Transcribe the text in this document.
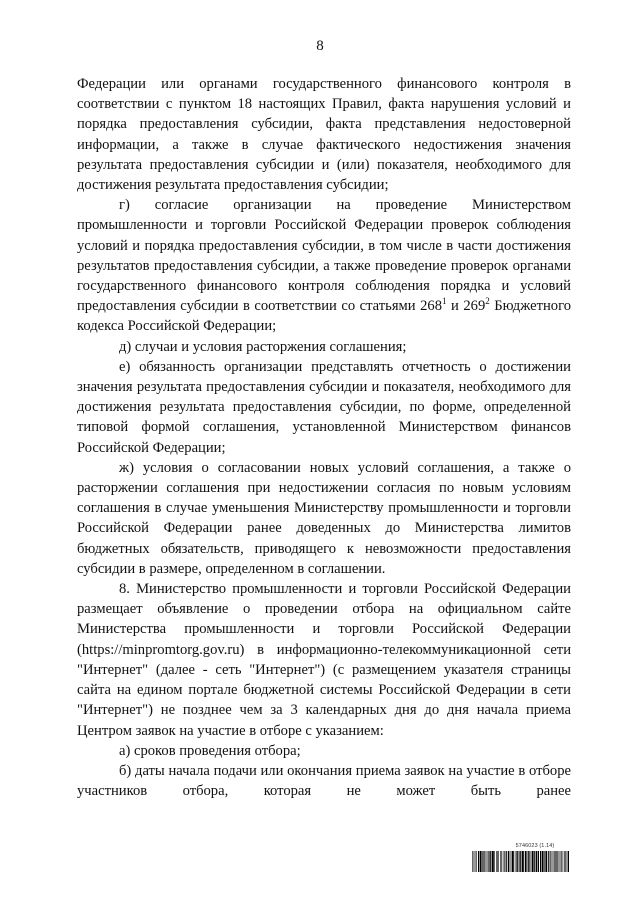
8

Федерации или органами государственного финансового контроля в соответствии с пунктом 18 настоящих Правил, факта нарушения условий и порядка предоставления субсидии, факта представления недостоверной информации, а также в случае фактического недостижения значения результата предоставления субсидии и (или) показателя, необходимого для достижения результата предоставления субсидии;

г) согласие организации на проведение Министерством промышленности и торговли Российской Федерации проверок соблюдения условий и порядка предоставления субсидии, в том числе в части достижения результатов предоставления субсидии, а также проведение проверок органами государственного финансового контроля соблюдения порядка и условий предоставления субсидии в соответствии со статьями $268^1$ и $269^2$ Бюджетного кодекса Российской Федерации;

д) случаи и условия расторжения соглашения;

е) обязанность организации представлять отчетность о достижении значения результата предоставления субсидии и показателя, необходимого для достижения результата предоставления субсидии, по форме, определенной типовой формой соглашения, установленной Министерством финансов Российской Федерации;

ж) условия о согласовании новых условий соглашения, а также о расторжении соглашения при недостижении согласия по новым условиям соглашения в случае уменьшения Министерству промышленности и торговли Российской Федерации ранее доведенных до Министерства лимитов бюджетных обязательств, приводящего к невозможности предоставления субсидии в размере, определенном в соглашении.

8. Министерство промышленности и торговли Российской Федерации размещает объявление о проведении отбора на официальном сайте Министерства промышленности и торговли Российской Федерации (https://minpromtorg.gov.ru) в информационно-телекоммуникационной сети "Интернет" (далее - сеть "Интернет") (с размещением указателя страницы сайта на едином портале бюджетной системы Российской Федерации в сети "Интернет") не позднее чем за 3 календарных дня до дня начала приема Центром заявок на участие в отборе с указанием:

а) сроков проведения отбора;

б) даты начала подачи или окончания приема заявок на участие в отборе участников отбора, которая не может быть ранее

5746023 (1.14)
